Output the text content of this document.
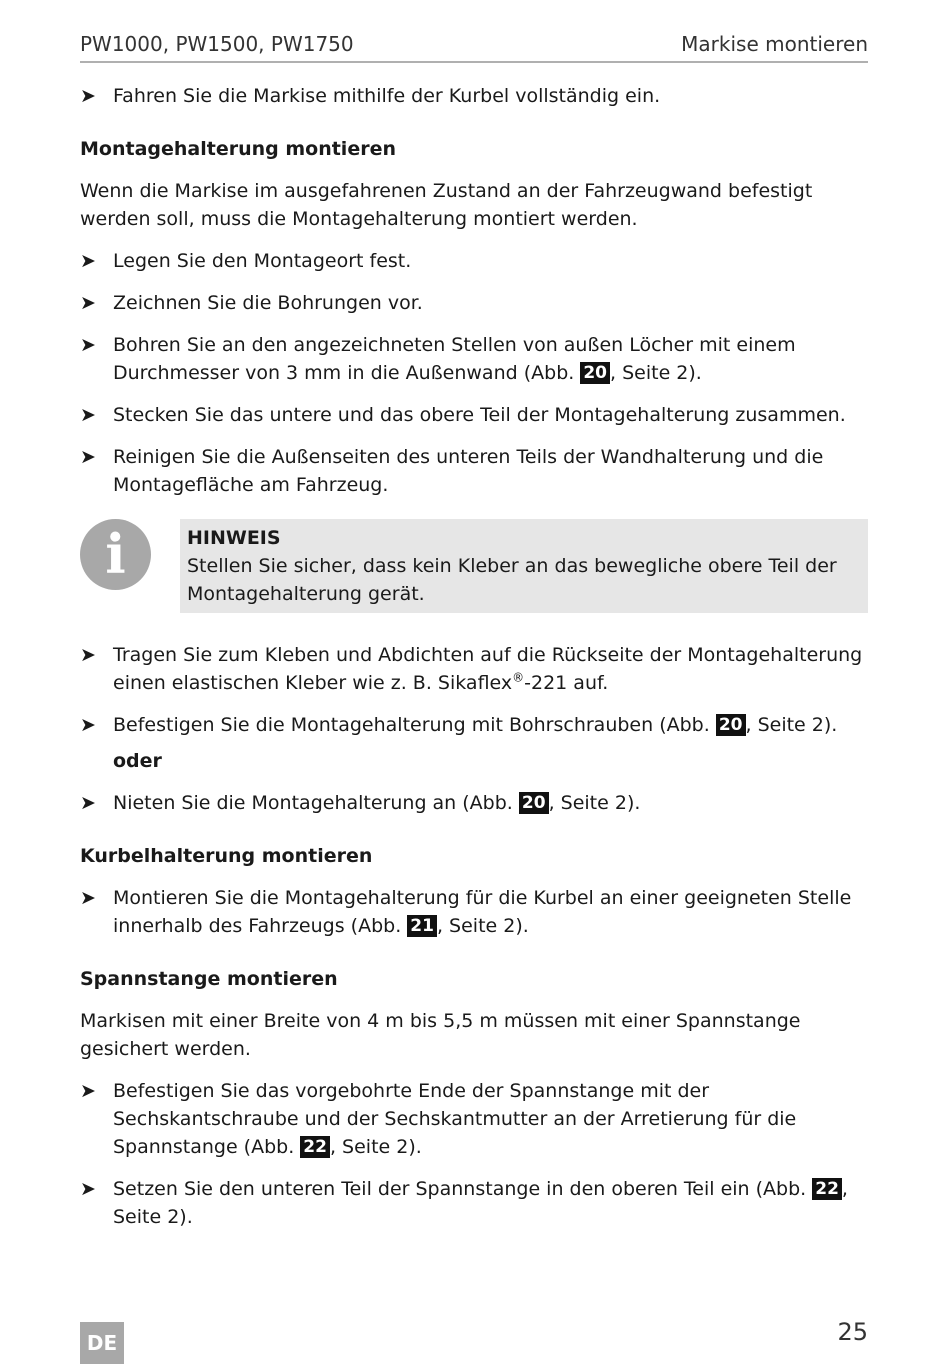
PW1000, PW1500, PW1750	Markise montieren
➤ Fahren Sie die Markise mithilfe der Kurbel vollständig ein.
Montagehalterung montieren
Wenn die Markise im ausgefahrenen Zustand an der Fahrzeugwand befestigt werden soll, muss die Montagehalterung montiert werden.
➤ Legen Sie den Montageort fest.
➤ Zeichnen Sie die Bohrungen vor.
➤ Bohren Sie an den angezeichneten Stellen von außen Löcher mit einem Durchmesser von 3 mm in die Außenwand (Abb. 20 , Seite 2).
➤ Stecken Sie das untere und das obere Teil der Montagehalterung zusammen.
➤ Reinigen Sie die Außenseiten des unteren Teils der Wandhalterung und die Montagefläche am Fahrzeug.
i	HINWEIS
Stellen Sie sicher, dass kein Kleber an das bewegliche obere Teil der Montagehalterung gerät.
➤ Tragen Sie zum Kleben und Abdichten auf die Rückseite der Montagehalterung einen elastischen Kleber wie z. B. Sikaflex®-221 auf.
➤ Befestigen Sie die Montagehalterung mit Bohrschrauben (Abb. 20 , Seite 2).
oder
➤ Nieten Sie die Montagehalterung an (Abb. 20 , Seite 2).
Kurbelhalterung montieren
➤ Montieren Sie die Montagehalterung für die Kurbel an einer geeigneten Stelle innerhalb des Fahrzeugs (Abb. 21 , Seite 2).
Spannstange montieren
Markisen mit einer Breite von 4 m bis 5,5 m müssen mit einer Spannstange gesichert werden.
➤ Befestigen Sie das vorgebohrte Ende der Spannstange mit der Sechskantschraube und der Sechskantmutter an der Arretierung für die Spannstange (Abb. 22 , Seite 2).
➤ Setzen Sie den unteren Teil der Spannstange in den oberen Teil ein (Abb. 22 , Seite 2).
DE	25
